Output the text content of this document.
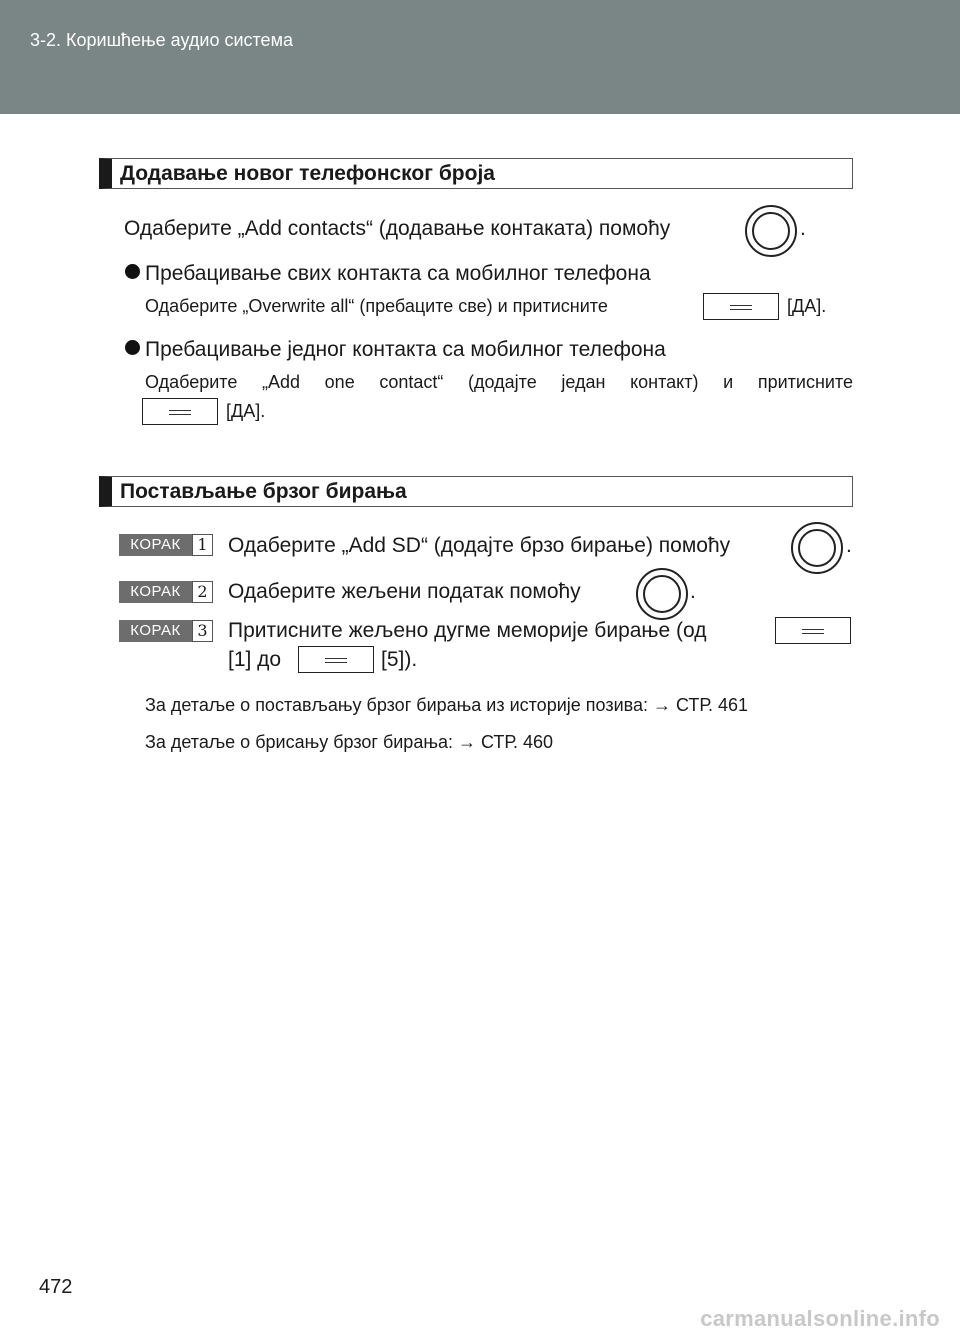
3-2. Коришћење аудио система
Додавање новог телефонског броја
Одаберите „Add contacts“ (додавање контаката) помоћу	.
Пребацивање свих контакта са мобилног телефона
Одаберите „Overwrite all“ (пребаците све) и притисните	[ДА].
Пребацивање једног контакта са мобилног телефона
Одаберите „Add one contact“ (додајте један контакт) и притисните
[ДА].
Постављање брзог бирања
КОРАК	1 Одаберите „Add SD“ (додајте брзо бирање) помоћу	.
КОРАК	2 Одаберите жељени податак помоћу	.
КОРАК	3 Притисните жељено дугме меморије бирање (од
[1] до	[5]).
За детаље о постављању брзог бирања из историје позива: → СТР. 461
За детаље о брисању брзог бирања: → СТР. 460
472
carmanualsonline.info
